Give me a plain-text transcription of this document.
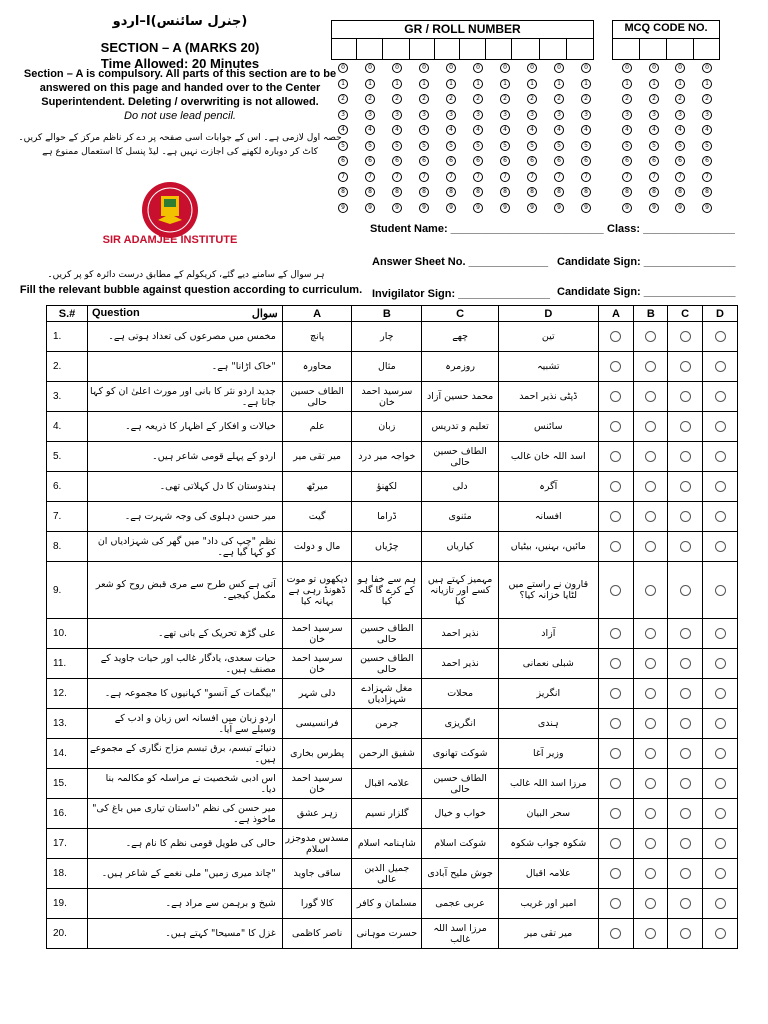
اردو–I(جنرل سائنس)
SECTION – A (MARKS 20)
Time Allowed: 20 Minutes
Section – A is compulsory. All parts of this section are to be answered on this page and handed over to the Center Superintendent. Deleting / overwriting is not allowed.
Do not use lead pencil.
حصہ اول لازمی ہے۔ اس کے جوابات اسی صفحہ پر دے کر ناظم مرکز کے حوالے کریں۔ کاٹ کر دوبارہ لکھنے کی اجازت نہیں ہے۔ لیڈ پنسل کا استعمال ممنوع ہے
SIR ADAMJEE INSTITUTE
ہر سوال کے سامنے دیے گئے، کریکولم کے مطابق درست دائرہ کو پر کریں۔
Fill the relevant bubble against question according to curriculum.
GR / ROLL NUMBER
0
1
2
3
4
5
6
7
8
9
0
1
2
3
4
5
6
7
8
9
0
1
2
3
4
5
6
7
8
9
0
1
2
3
4
5
6
7
8
9
0
1
2
3
4
5
6
7
8
9
0
1
2
3
4
5
6
7
8
9
0
1
2
3
4
5
6
7
8
9
0
1
2
3
4
5
6
7
8
9
0
1
2
3
4
5
6
7
8
9
0
1
2
3
4
5
6
7
8
9
MCQ CODE NO.
0
1
2
3
4
5
6
7
8
9
0
1
2
3
4
5
6
7
8
9
0
1
2
3
4
5
6
7
8
9
0
1
2
3
4
5
6
7
8
9
Student Name: _________________________ Class: _______________
Answer Sheet No. _____________ Candidate Sign: _______________
Invigilator Sign: _______________ Candidate Sign: _______________
S.#	Question سوال	A	B	C	D	A	B	C	D
1.	مخمس میں مصرعوں کی تعداد ہوتی ہے۔	پانچ	چار	چھے	تین				
2.	"خاک اڑانا" ہے۔	محاورہ	مثال	روزمرہ	تشبیہ				
3.	جدید اردو نثر کا بانی اور مورث اعلیٰ ان کو کہا جاتا ہے۔	الطاف حسین حالی	سرسید احمد خان	محمد حسین آزاد	ڈپٹی نذیر احمد				
4.	خیالات و افکار کے اظہار کا ذریعہ ہے۔	علم	زبان	تعلیم و تدریس	سائنس				
5.	اردو کے پہلے قومی شاعر ہیں۔	میر تقی میر	خواجہ میر درد	الطاف حسین حالی	اسد اللہ خان غالب				
6.	ہندوستان کا دل کہلاتی تھی۔	میرٹھ	لکھنؤ	دلی	آگرہ				
7.	میر حسن دہلوی کی وجہ شہرت ہے۔	گیت	ڈراما	مثنوی	افسانہ				
8.	نظم "چپ کی داد" میں گھر کی شہزادیاں ان کو کہا گیا ہے۔	مال و دولت	چڑیاں	کیاریاں	مائیں، بہنیں، بیٹیاں				
9.	آتی ہے کس طرح سے مری قبض روح کو شعر مکمل کیجیے۔	دیکھوں تو موت ڈھونڈ رہی ہے بہانہ کیا	ہم سے خفا ہو کے کرے گا گلہ کیا	مہمیز کہتے ہیں کسے اور تازیانہ کیا	قارون نے راستے میں لٹایا خزانہ کیا؟				
10.	علی گڑھ تحریک کے بانی تھے۔	سرسید احمد خان	الطاف حسین حالی	نذیر احمد	آزاد				
11.	حیات سعدی، یادگار غالب اور حیات جاوید کے مصنف ہیں۔	سرسید احمد خان	الطاف حسین حالی	نذیر احمد	شبلی نعمانی				
12.	"بیگمات کے آنسو" کہانیوں کا مجموعہ ہے۔	دلی شہر	مغل شہزادے شہزادیاں	محلات	انگریز				
13.	اردو زبان میں افسانہ اس زبان و ادب کے وسیلے سے آیا۔	فرانسیسی	جرمن	انگریزی	ہندی				
14.	دنیائے تبسم، برق تبسم مزاح نگاری کے مجموعے ہیں۔	پطرس بخاری	شفیق الرحمن	شوکت تھانوی	وزیر آغا				
15.	اس ادبی شخصیت نے مراسلہ کو مکالمہ بنا دیا۔	سرسید احمد خان	علامہ اقبال	الطاف حسین حالی	مرزا اسد اللہ غالب				
16.	میر حسن کی نظم "داستان تیاری میں باغ کی" ماخوذ ہے۔	زہر عشق	گلزار نسیم	خواب و خیال	سحر البیان				
17.	حالی کی طویل قومی نظم کا نام ہے۔	مسدس مدوجزر اسلام	شاہنامہ اسلام	شوکت اسلام	شکوہ جواب شکوہ				
18.	"چاند میری زمیں" ملی نغمے کے شاعر ہیں۔	ساقی جاوید	جمیل الدین عالی	جوش ملیح آبادی	علامہ اقبال				
19.	شیخ و برہمن سے مراد ہے۔	کالا گورا	مسلمان و کافر	عربی عجمی	امیر اور غریب				
20.	غزل کا "مسیحا" کہتے ہیں۔	ناصر کاظمی	حسرت موہانی	مرزا اسد اللہ غالب	میر تقی میر				
